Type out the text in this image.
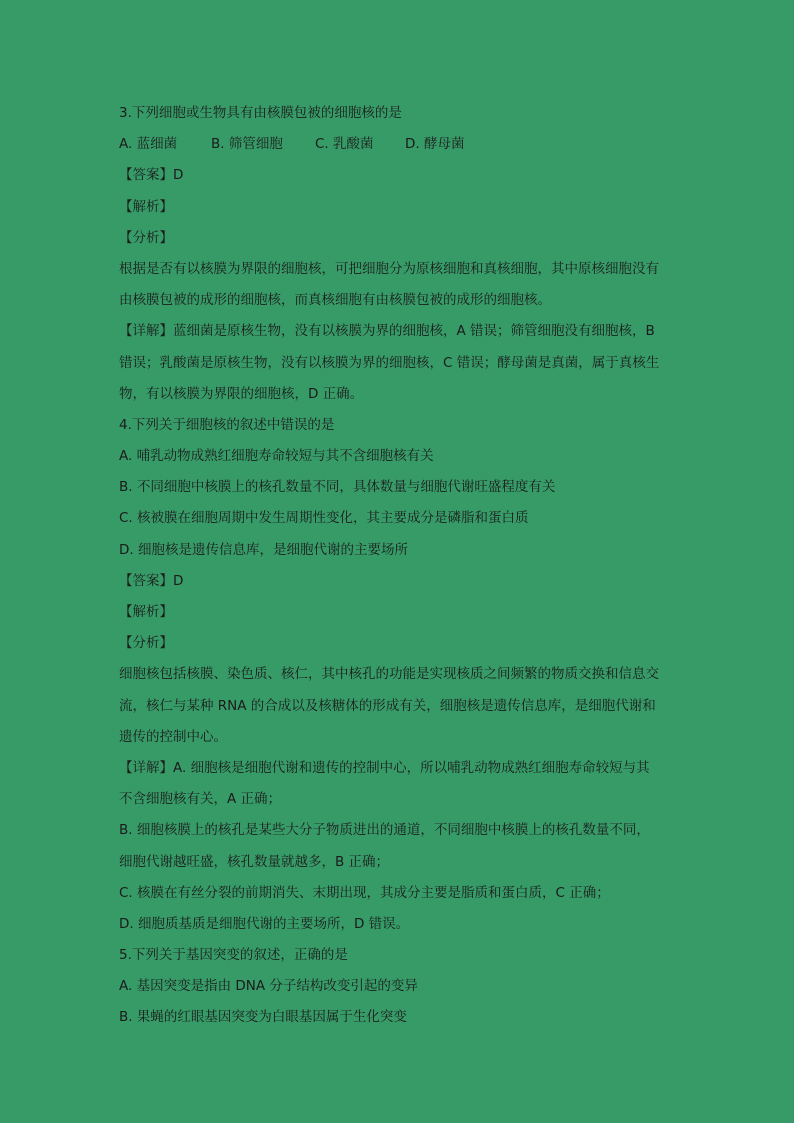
3.下列细胞或生物具有由核膜包被的细胞核的是
A. 蓝细菌	B. 筛管细胞 C. 乳酸菌 D. 酵母菌
【答案】D
【解析】
【分析】
根据是否有以核膜为界限的细胞核，可把细胞分为原核细胞和真核细胞，其中原核细胞没有
由核膜包被的成形的细胞核，而真核细胞有由核膜包被的成形的细胞核。
【详解】蓝细菌是原核生物，没有以核膜为界的细胞核，A 错误；筛管细胞没有细胞核，B
错误；乳酸菌是原核生物，没有以核膜为界的细胞核，C 错误；酵母菌是真菌，属于真核生
物，有以核膜为界限的细胞核，D 正确。
4.下列关于细胞核的叙述中错误的是
A. 哺乳动物成熟红细胞寿命较短与其不含细胞核有关
B. 不同细胞中核膜上的核孔数量不同，具体数量与细胞代谢旺盛程度有关
C. 核被膜在细胞周期中发生周期性变化，其主要成分是磷脂和蛋白质
D. 细胞核是遗传信息库，是细胞代谢的主要场所
【答案】D
【解析】
【分析】
细胞核包括核膜、染色质、核仁，其中核孔的功能是实现核质之间频繁的物质交换和信息交
流，核仁与某种 RNA 的合成以及核糖体的形成有关，细胞核是遗传信息库，是细胞代谢和
遗传的控制中心。
【详解】A. 细胞核是细胞代谢和遗传的控制中心，所以哺乳动物成熟红细胞寿命较短与其
不含细胞核有关，A 正确；
B. 细胞核膜上的核孔是某些大分子物质进出的通道，不同细胞中核膜上的核孔数量不同，
细胞代谢越旺盛，核孔数量就越多，B 正确；
C. 核膜在有丝分裂的前期消失、末期出现，其成分主要是脂质和蛋白质，C 正确；
D. 细胞质基质是细胞代谢的主要场所，D 错误。
5.下列关于基因突变的叙述，正确的是
A. 基因突变是指由 DNA 分子结构改变引起的变异
B. 果蝇的红眼基因突变为白眼基因属于生化突变
